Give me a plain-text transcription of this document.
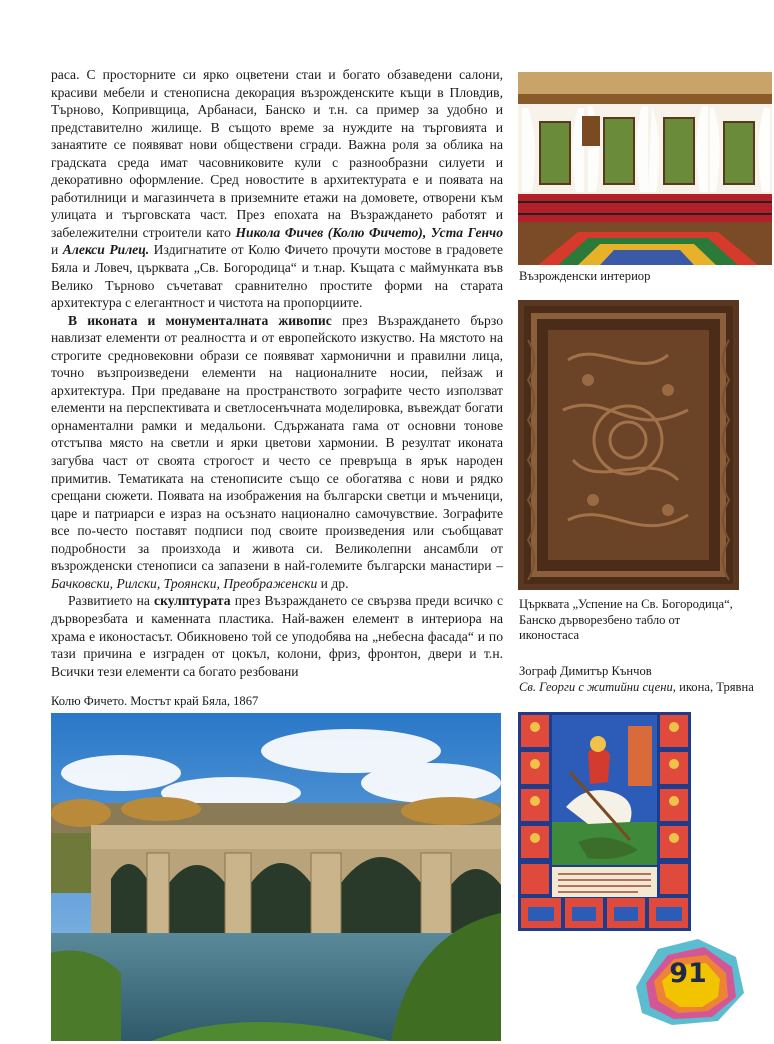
раса. С просторните си ярко оцветени стаи и богато обзаведени салони, красиви мебели и стенописна декорация възрожденските къщи в Пловдив, Търново, Копривщица, Арбанаси, Банско и т.н. са пример за удобно и представително жилище. В същото време за нуждите на търговията и занаятите се появяват нови обществени сгради. Важна роля за облика на градската среда имат часовниковите кули с разнообразни силуети и декоративно оформление. Сред новостите в архитектурата е и появата на работилници и магазинчета в приземните етажи на домовете, отворени към улицата и търговската част. През епохата на Възраждането работят и забележителни строители като Никола Фичев (Колю Фичето), Уста Генчо и Алекси Рилец. Издигнатите от Колю Фичето прочути мостове в градовете Бяла и Ловеч, църквата „Св. Богородица“ и т.нар. Къщата с маймунката във Велико Търново съчетават сравнително простите форми на старата архитектура с елегантност и чистота на пропорциите.

В иконата и монументалната живопис през Възраждането бързо навлизат елементи от реалността и от европейското изкуство. На мястото на строгите средновековни образи се появяват хармонични и правилни лица, точно възпроизведени елементи на националните носии, пейзаж и архитектура. При предаване на пространството зографите често използват елементи на перспективата и светлосенъчната моделировка, въвеждат богати орнаментални рамки и медальони. Сдържаната гама от основни тонове отстъпва място на светли и ярки цветови хармонии. В резултат иконата загубва част от своята строгост и често се превръща в ярък народен примитив. Тематиката на стенописите също се обогатява с нови и рядко срещани сюжети. Появата на изображения на български светци и мъченици, царе и патриарси е израз на осъзнато национално самочувствие. Зографите все по-често поставят подписи под своите произведения или съобщават подробности за произхода и живота си. Великолепни ансамбли от възрожденски стенописи са запазени в най-големите български манастири – Бачковски, Рилски, Троянски, Преображенски и др.

Развитието на скулптурата през Възраждането се свързва преди всичко с дърворезбата и каменната пластика. Най-важен елемент в интериора на храма е иконостасът. Обикновено той се уподобява на „небесна фасада“ и по тази причина е изграден от цокъл, колони, фриз, фронтон, двери и т.н. Всички тези елементи са богато резбовани

Възрожденски интериор
Църквата „Успение на Св. Богородица“, Банско дърворезбено табло от иконостаса
Зограф Димитър Кънчов
Св. Георги с житийни сцени, икона, Трявна
Колю Фичето. Мостът край Бяла, 1867
91
